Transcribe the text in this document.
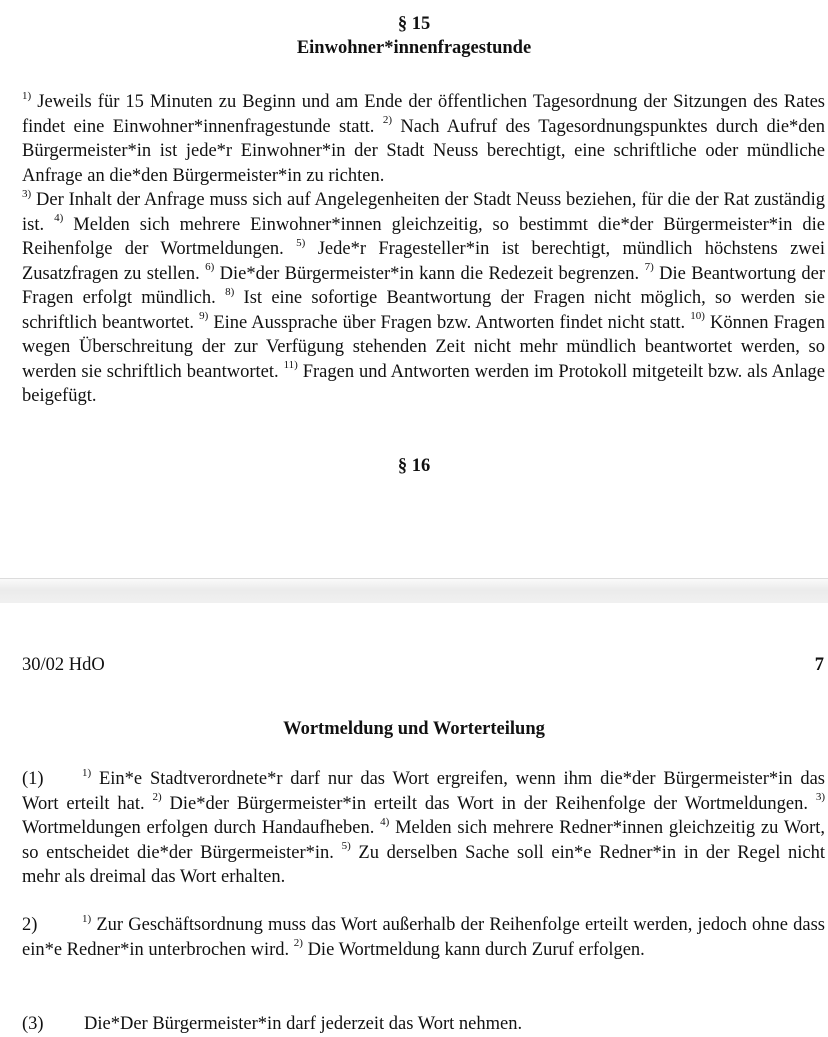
§ 15
Einwohner*innenfragestunde

$^{1)}$ Jeweils für 15 Minuten zu Beginn und am Ende der öffentlichen Tagesordnung der Sitzungen des Rates findet eine Einwohner*innenfragestunde statt. $^{2)}$ Nach Aufruf des Tagesordnungspunktes durch die*den Bürgermeister*in ist jede*r Einwohner*in der Stadt Neuss berechtigt, eine schriftliche oder mündliche Anfrage an die*den Bürgermeister*in zu richten.
$^{3)}$ Der Inhalt der Anfrage muss sich auf Angelegenheiten der Stadt Neuss beziehen, für die der Rat zuständig ist. $^{4)}$ Melden sich mehrere Einwohner*innen gleichzeitig, so bestimmt die*der Bürgermeister*in die Reihenfolge der Wortmeldungen. $^{5)}$ Jede*r Fragesteller*in ist berechtigt, mündlich höchstens zwei Zusatzfragen zu stellen. $^{6)}$ Die*der Bürgermeister*in kann die Redezeit begrenzen. $^{7)}$ Die Beantwortung der Fragen erfolgt mündlich. $^{8)}$ Ist eine sofortige Beantwortung der Fragen nicht möglich, so werden sie schriftlich beantwortet. $^{9)}$ Eine Aussprache über Fragen bzw. Antworten findet nicht statt. $^{10)}$ Können Fragen wegen Überschreitung der zur Verfügung stehenden Zeit nicht mehr mündlich beantwortet werden, so werden sie schriftlich beantwortet. $^{11)}$ Fragen und Antworten werden im Protokoll mitgeteilt bzw. als Anlage beigefügt.

§ 16
30/02 HdO	7
Wortmeldung und Worterteilung

(1)	$^{1)}$ Ein*e Stadtverordnete*r darf nur das Wort ergreifen, wenn ihm die*der Bürgermeister*in das Wort erteilt hat. $^{2)}$ Die*der Bürgermeister*in erteilt das Wort in der Reihenfolge der Wortmeldungen. $^{3)}$ Wortmeldungen erfolgen durch Handaufheben. $^{4)}$ Melden sich mehrere Redner*innen gleichzeitig zu Wort, so entscheidet die*der Bürgermeister*in. $^{5)}$ Zu derselben Sache soll ein*e Redner*in in der Regel nicht mehr als dreimal das Wort erhalten.

2)	$^{1)}$ Zur Geschäftsordnung muss das Wort außerhalb der Reihenfolge erteilt werden, jedoch ohne dass ein*e Redner*in unterbrochen wird. $^{2)}$ Die Wortmeldung kann durch Zuruf erfolgen.

(3) Die*Der Bürgermeister*in darf jederzeit das Wort nehmen.
